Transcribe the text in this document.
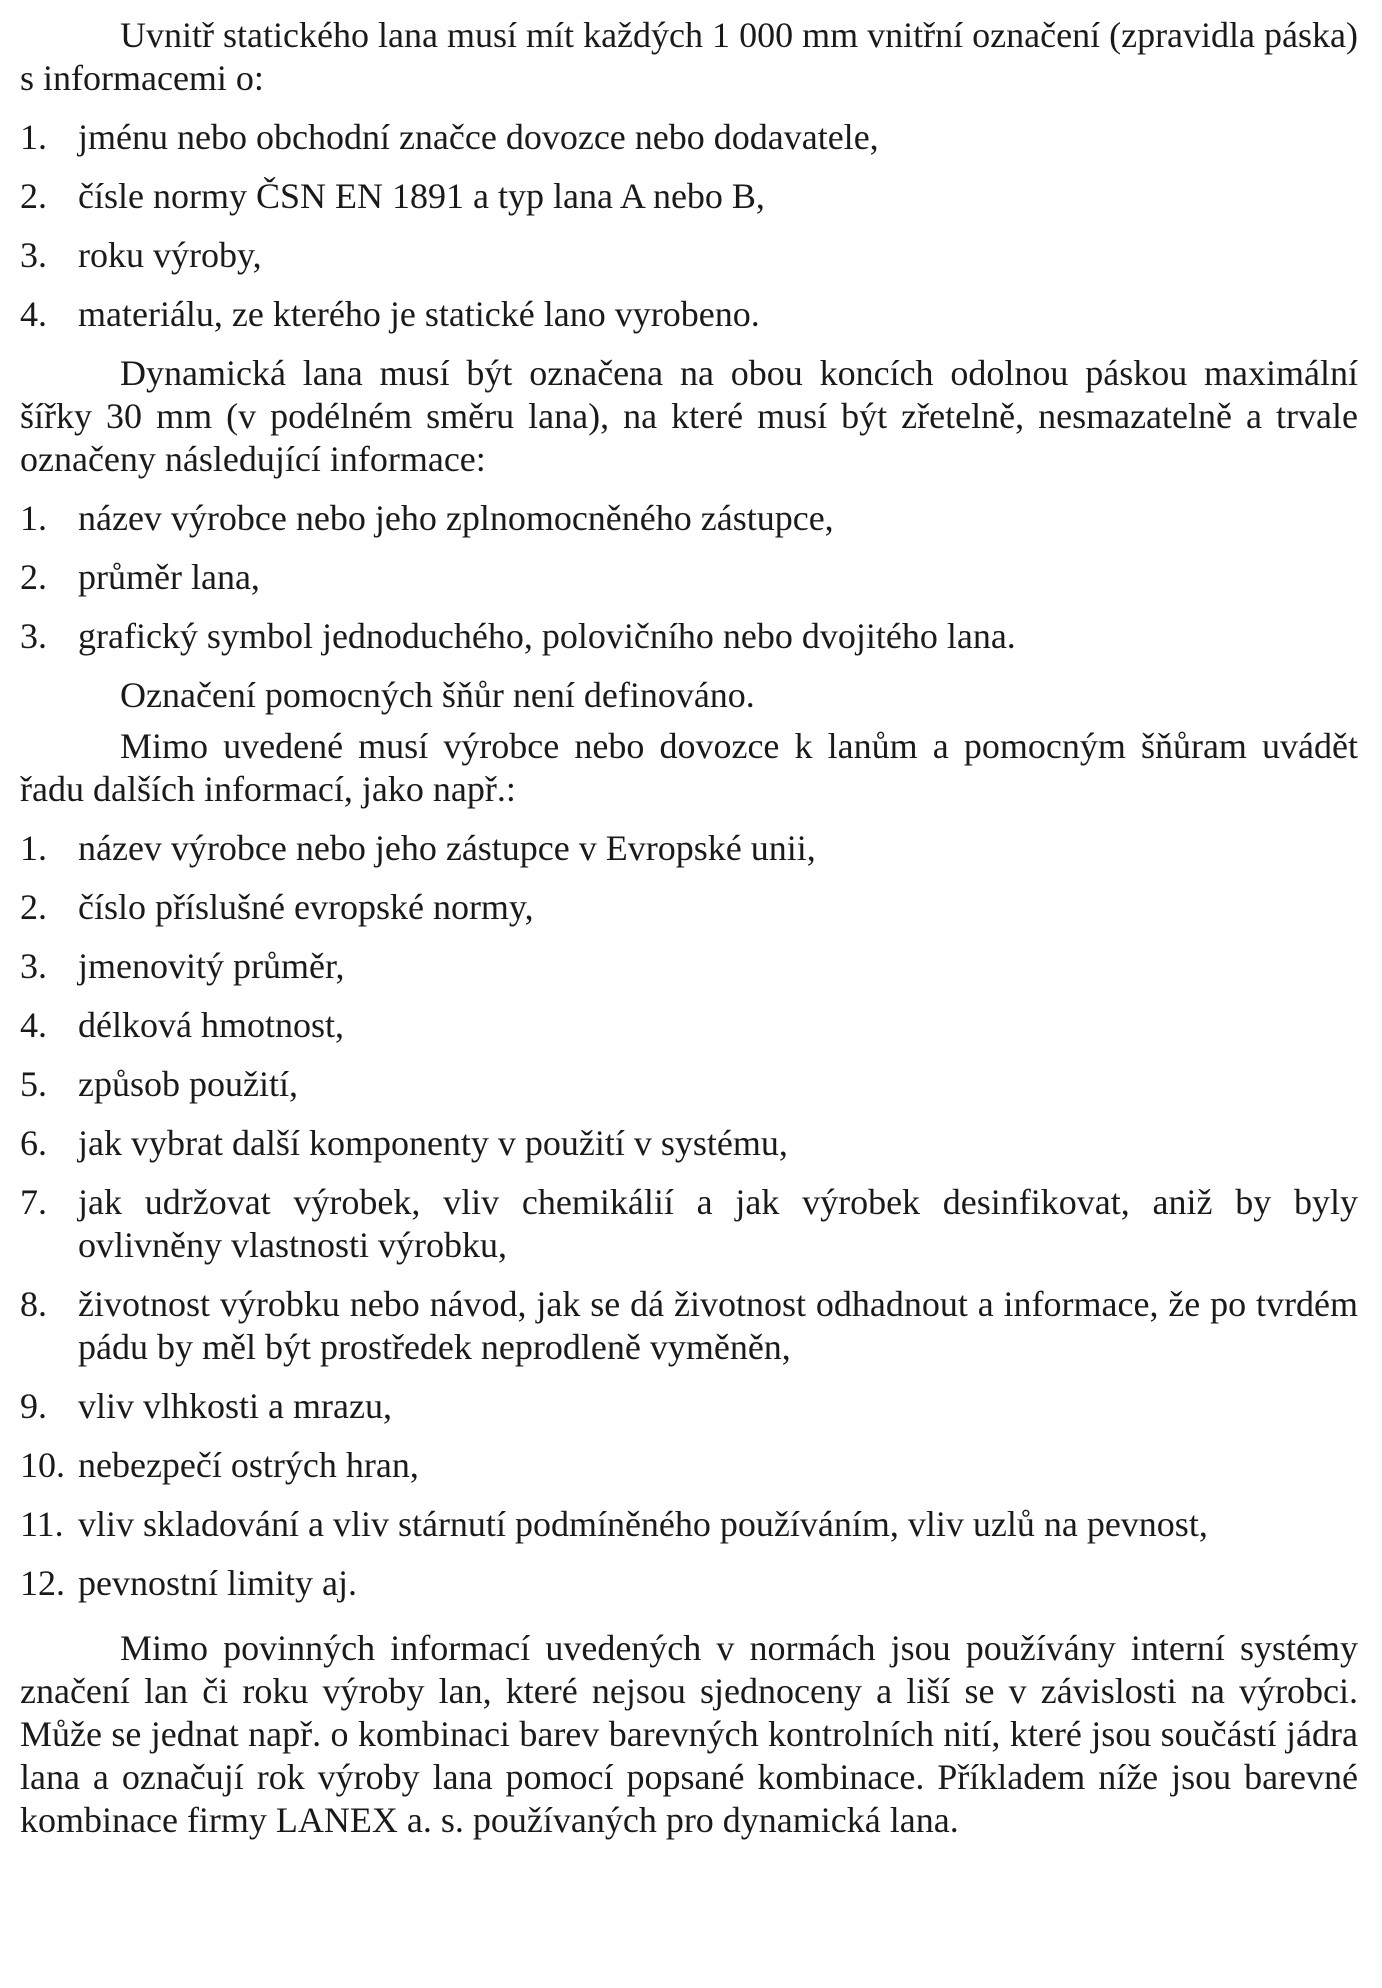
Uvnitř statického lana musí mít každých 1 000 mm vnitřní označení (zpravidla páska) s informacemi o:

1. jménu nebo obchodní značce dovozce nebo dodavatele,
2. čísle normy ČSN EN 1891 a typ lana A nebo B,
3. roku výroby,
4. materiálu, ze kterého je statické lano vyrobeno.

Dynamická lana musí být označena na obou koncích odolnou páskou maximální šířky 30 mm (v podélném směru lana), na které musí být zřetelně, nesmazatelně a trvale označeny následující informace:

1. název výrobce nebo jeho zplnomocněného zástupce,
2. průměr lana,
3. grafický symbol jednoduchého, polovičního nebo dvojitého lana.

Označení pomocných šňůr není definováno.

Mimo uvedené musí výrobce nebo dovozce k lanům a pomocným šňůram uvádět řadu dalších informací, jako např.:

1. název výrobce nebo jeho zástupce v Evropské unii,
2. číslo příslušné evropské normy,
3. jmenovitý průměr,
4. délková hmotnost,
5. způsob použití,
6. jak vybrat další komponenty v použití v systému,
7. jak udržovat výrobek, vliv chemikálií a jak výrobek desinfikovat, aniž by byly ovlivněny vlastnosti výrobku,
8. životnost výrobku nebo návod, jak se dá životnost odhadnout a informace, že po tvrdém pádu by měl být prostředek neprodleně vyměněn,
9. vliv vlhkosti a mrazu,
10. nebezpečí ostrých hran,
11. vliv skladování a vliv stárnutí podmíněného používáním, vliv uzlů na pevnost,
12. pevnostní limity aj.

Mimo povinných informací uvedených v normách jsou používány interní systémy značení lan či roku výroby lan, které nejsou sjednoceny a liší se v závislosti na výrobci. Může se jednat např. o kombinaci barev barevných kontrolních nití, které jsou součástí jádra lana a označují rok výroby lana pomocí popsané kombinace. Příkladem níže jsou barevné kombinace firmy LANEX a. s. používaných pro dynamická lana.
